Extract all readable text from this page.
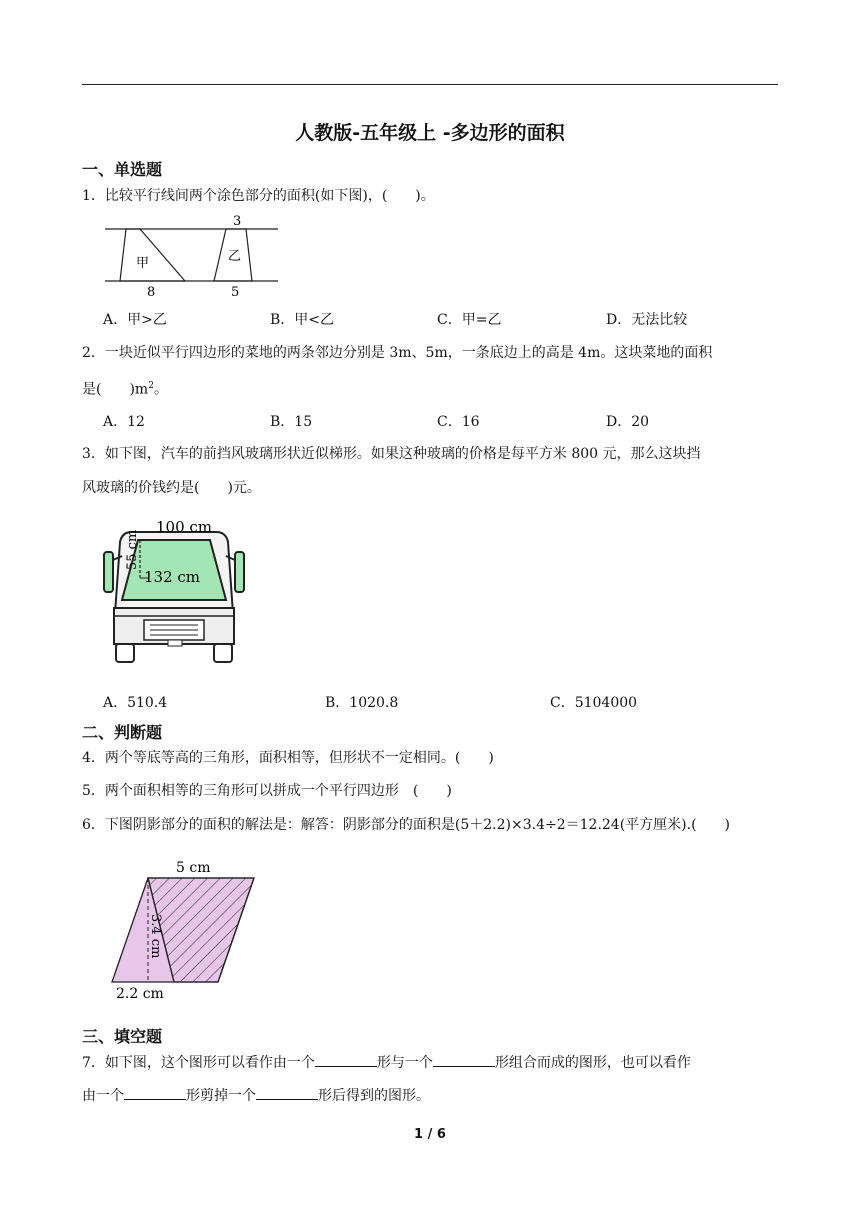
人教版-五年级上 -多边形的面积
一、单选题
1．比较平行线间两个涂色部分的面积(如下图)，(　　)。
甲	乙
3
8	5
A．甲>乙	B．甲<乙	C．甲=乙	D．无法比较
2．一块近似平行四边形的菜地的两条邻边分别是 3m、5m，一条底边上的高是 4m。这块菜地的面积
是(　　)$m^2$。
A．12	B．15	C．16	D．20
3．如下图，汽车的前挡风玻璃形状近似梯形。如果这种玻璃的价格是每平方米 800 元，那么这块挡
风玻璃的价钱约是(　　)元。
100 cm
132 cm
55 cm
A．510.4	B．1020.8	C．5104000
二、判断题
4．两个等底等高的三角形，面积相等，但形状不一定相同。(　　)
5．两个面积相等的三角形可以拼成一个平行四边形　(　　)
6．下图阴影部分的面积的解法是：解答：阴影部分的面积是(5＋2.2)×3.4÷2＝12.24(平方厘米).(　　)
5 cm
2.2 cm
3.4 cm
三、填空题
7．如下图，这个图形可以看作由一个	形与一个	形组合而成的图形，也可以看作
由一个	形剪掉一个	形后得到的图形。
1 / 6
